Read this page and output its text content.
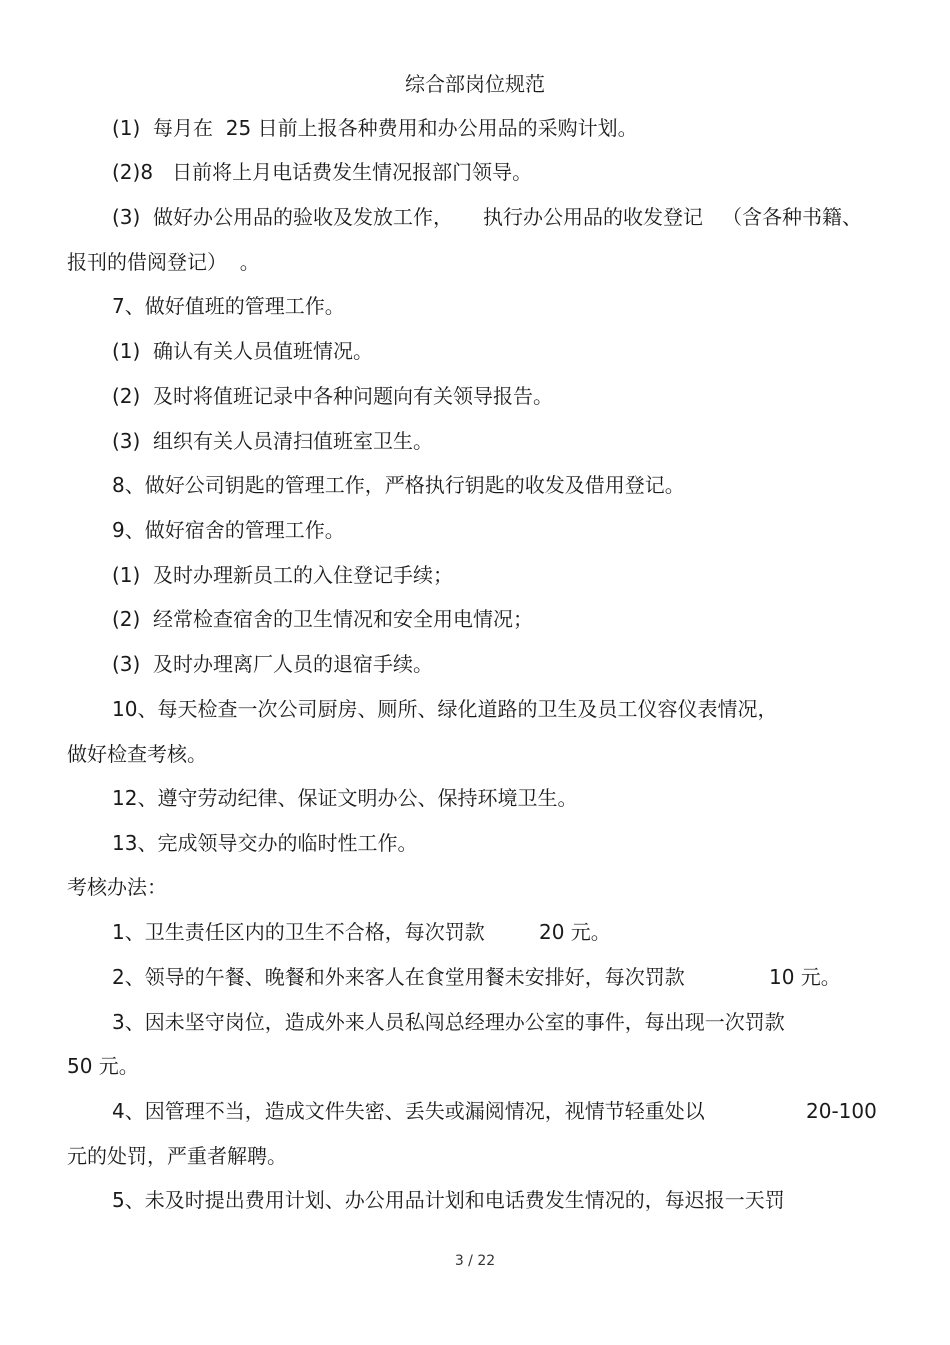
综合部岗位规范
(1)  每月在  25 日前上报各种费用和办公用品的采购计划。
(2)8   日前将上月电话费发生情况报部门领导。
(3)  做好办公用品的验收及发放工作， 执行办公用品的收发登记 （含各种书籍、
报刊的借阅登记）  。
7、做好值班的管理工作。
(1)  确认有关人员值班情况。
(2)  及时将值班记录中各种问题向有关领导报告。
(3)  组织有关人员清扫值班室卫生。
8、做好公司钥匙的管理工作，严格执行钥匙的收发及借用登记。
9、做好宿舍的管理工作。
(1)  及时办理新员工的入住登记手续；
(2)  经常检查宿舍的卫生情况和安全用电情况；
(3)  及时办理离厂人员的退宿手续。
10、每天检查一次公司厨房、厕所、绿化道路的卫生及员工仪容仪表情况，
做好检查考核。
12、遵守劳动纪律、保证文明办公、保持环境卫生。
13、完成领导交办的临时性工作。
考核办法：
1、卫生责任区内的卫生不合格，每次罚款	20 元。
2、领导的午餐、晚餐和外来客人在食堂用餐未安排好，每次罚款	10 元。
3、因未坚守岗位，造成外来人员私闯总经理办公室的事件，每出现一次罚款
50 元。
4、因管理不当，造成文件失密、丢失或漏阅情况，视情节轻重处以	20-100
元的处罚，严重者解聘。
5、未及时提出费用计划、办公用品计划和电话费发生情况的，每迟报一天罚
3 / 22
